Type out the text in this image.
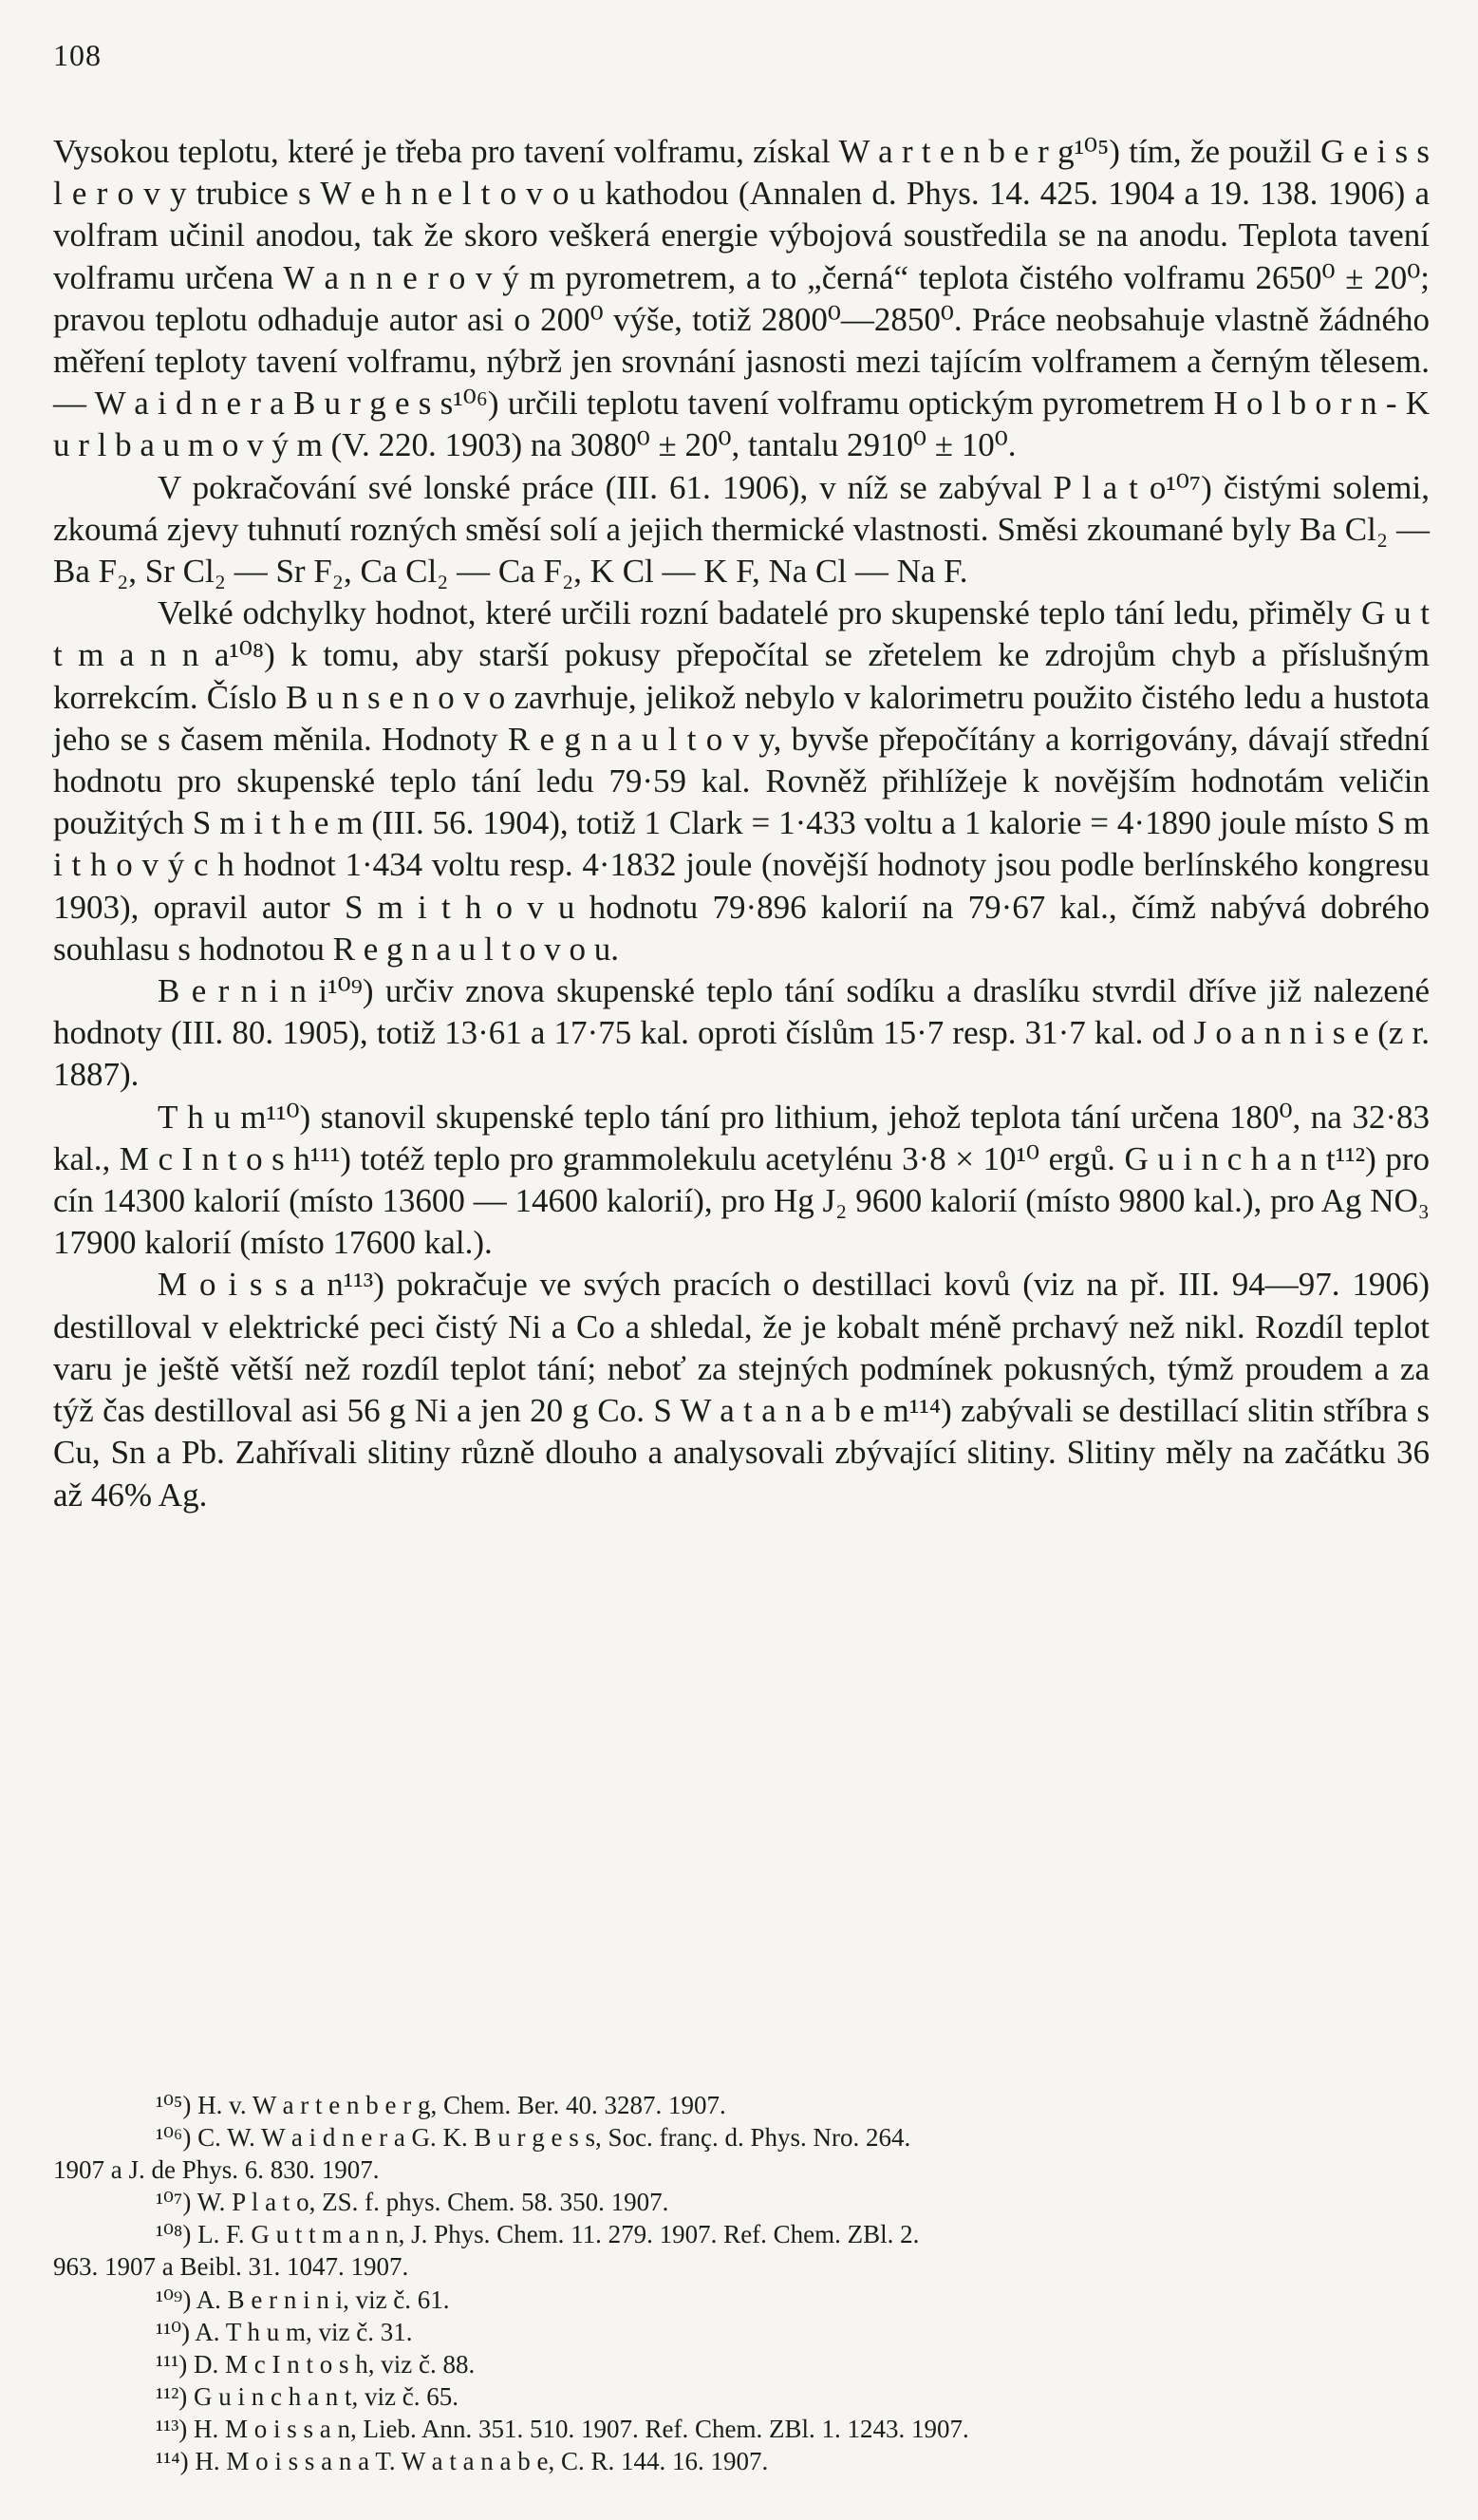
108

Vysokou teplotu, které je třeba pro tavení volframu, získal W a r t e n b e r g¹⁰⁵) tím, že použil G e i s s l e r o v y trubice s W e h n e l t o v o u kathodou (Annalen d. Phys. 14. 425. 1904 a 19. 138. 1906) a volfram učinil anodou, tak že skoro veškerá energie výbojová soustředila se na anodu. Teplota tavení volframu určena W a n n e r o v ý m pyrometrem, a to „černá“ teplota čistého volframu 2650⁰ ± 20⁰; pravou teplotu odhaduje autor asi o 200⁰ výše, totiž 2800⁰—2850⁰. Práce neobsahuje vlastně žádného měření teploty tavení volframu, nýbrž jen srovnání jasnosti mezi tajícím volframem a černým tělesem. — W a i d n e r a B u r g e s s¹⁰⁶) určili teplotu tavení volframu optickým pyrometrem H o l b o r n - K u r l b a u m o v ý m (V. 220. 1903) na 3080⁰ ± 20⁰, tantalu 2910⁰ ± 10⁰.

V pokračování své lonské práce (III. 61. 1906), v níž se zabýval P l a t o¹⁰⁷) čistými solemi, zkoumá zjevy tuhnutí rozných směsí solí a jejich thermické vlastnosti. Směsi zkoumané byly Ba Cl₂ — Ba F₂, Sr Cl₂ — Sr F₂, Ca Cl₂ — Ca F₂, K Cl — K F, Na Cl — Na F.

Velké odchylky hodnot, které určili rozní badatelé pro skupenské teplo tání ledu, přiměly G u t t m a n n a¹⁰⁸) k tomu, aby starší pokusy přepočítal se zřetelem ke zdrojům chyb a příslušným korrekcím. Číslo B u n s e n o v o zavrhuje, jelikož nebylo v kalorimetru použito čistého ledu a hustota jeho se s časem měnila. Hodnoty R e g n a u l t o v y, byvše přepočítány a korrigovány, dávají střední hodnotu pro skupenské teplo tání ledu 79·59 kal. Rovněž přihlížeje k novějším hodnotám veličin použitých S m i t h e m (III. 56. 1904), totiž 1 Clark = 1·433 voltu a 1 kalorie = 4·1890 joule místo S m i t h o v ý c h hodnot 1·434 voltu resp. 4·1832 joule (novější hodnoty jsou podle berlínského kongresu 1903), opravil autor S m i t h o v u hodnotu 79·896 kalorií na 79·67 kal., čímž nabývá dobrého souhlasu s hodnotou R e g n a u l t o v o u.

B e r n i n i¹⁰⁹) určiv znova skupenské teplo tání sodíku a draslíku stvrdil dříve již nalezené hodnoty (III. 80. 1905), totiž 13·61 a 17·75 kal. oproti číslům 15·7 resp. 31·7 kal. od J o a n n i s e (z r. 1887).

T h u m¹¹⁰) stanovil skupenské teplo tání pro lithium, jehož teplota tání určena 180⁰, na 32·83 kal., M c I n t o s h¹¹¹) totéž teplo pro grammolekulu acetylénu 3·8 × 10¹⁰ ergů. G u i n c h a n t¹¹²) pro cín 14300 kalorií (místo 13600 — 14600 kalorií), pro Hg J₂ 9600 kalorií (místo 9800 kal.), pro Ag NO₃ 17900 kalorií (místo 17600 kal.).

M o i s s a n¹¹³) pokračuje ve svých pracích o destillaci kovů (viz na př. III. 94—97. 1906) destilloval v elektrické peci čistý Ni a Co a shledal, že je kobalt méně prchavý než nikl. Rozdíl teplot varu je ještě větší než rozdíl teplot tání; neboť za stejných podmínek pokusných, týmž proudem a za týž čas destilloval asi 56 g Ni a jen 20 g Co. S W a t a n a b e m¹¹⁴) zabývali se destillací slitin stříbra s Cu, Sn a Pb. Zahřívali slitiny různě dlouho a analysovali zbývající slitiny. Slitiny měly na začátku 36 až 46% Ag.

¹⁰⁵) H. v. W a r t e n b e r g, Chem. Ber. 40. 3287. 1907.

¹⁰⁶) C. W. W a i d n e r a G. K. B u r g e s s, Soc. franç. d. Phys. Nro. 264.

1907 a J. de Phys. 6. 830. 1907.

¹⁰⁷) W. P l a t o, ZS. f. phys. Chem. 58. 350. 1907.

¹⁰⁸) L. F. G u t t m a n n, J. Phys. Chem. 11. 279. 1907. Ref. Chem. ZBl. 2.

963. 1907 a Beibl. 31. 1047. 1907.

¹⁰⁹) A. B e r n i n i, viz č. 61.

¹¹⁰) A. T h u m, viz č. 31.

¹¹¹) D. M c I n t o s h, viz č. 88.

¹¹²) G u i n c h a n t, viz č. 65.

¹¹³) H. M o i s s a n, Lieb. Ann. 351. 510. 1907. Ref. Chem. ZBl. 1. 1243. 1907.

¹¹⁴) H. M o i s s a n a T. W a t a n a b e, C. R. 144. 16. 1907.
